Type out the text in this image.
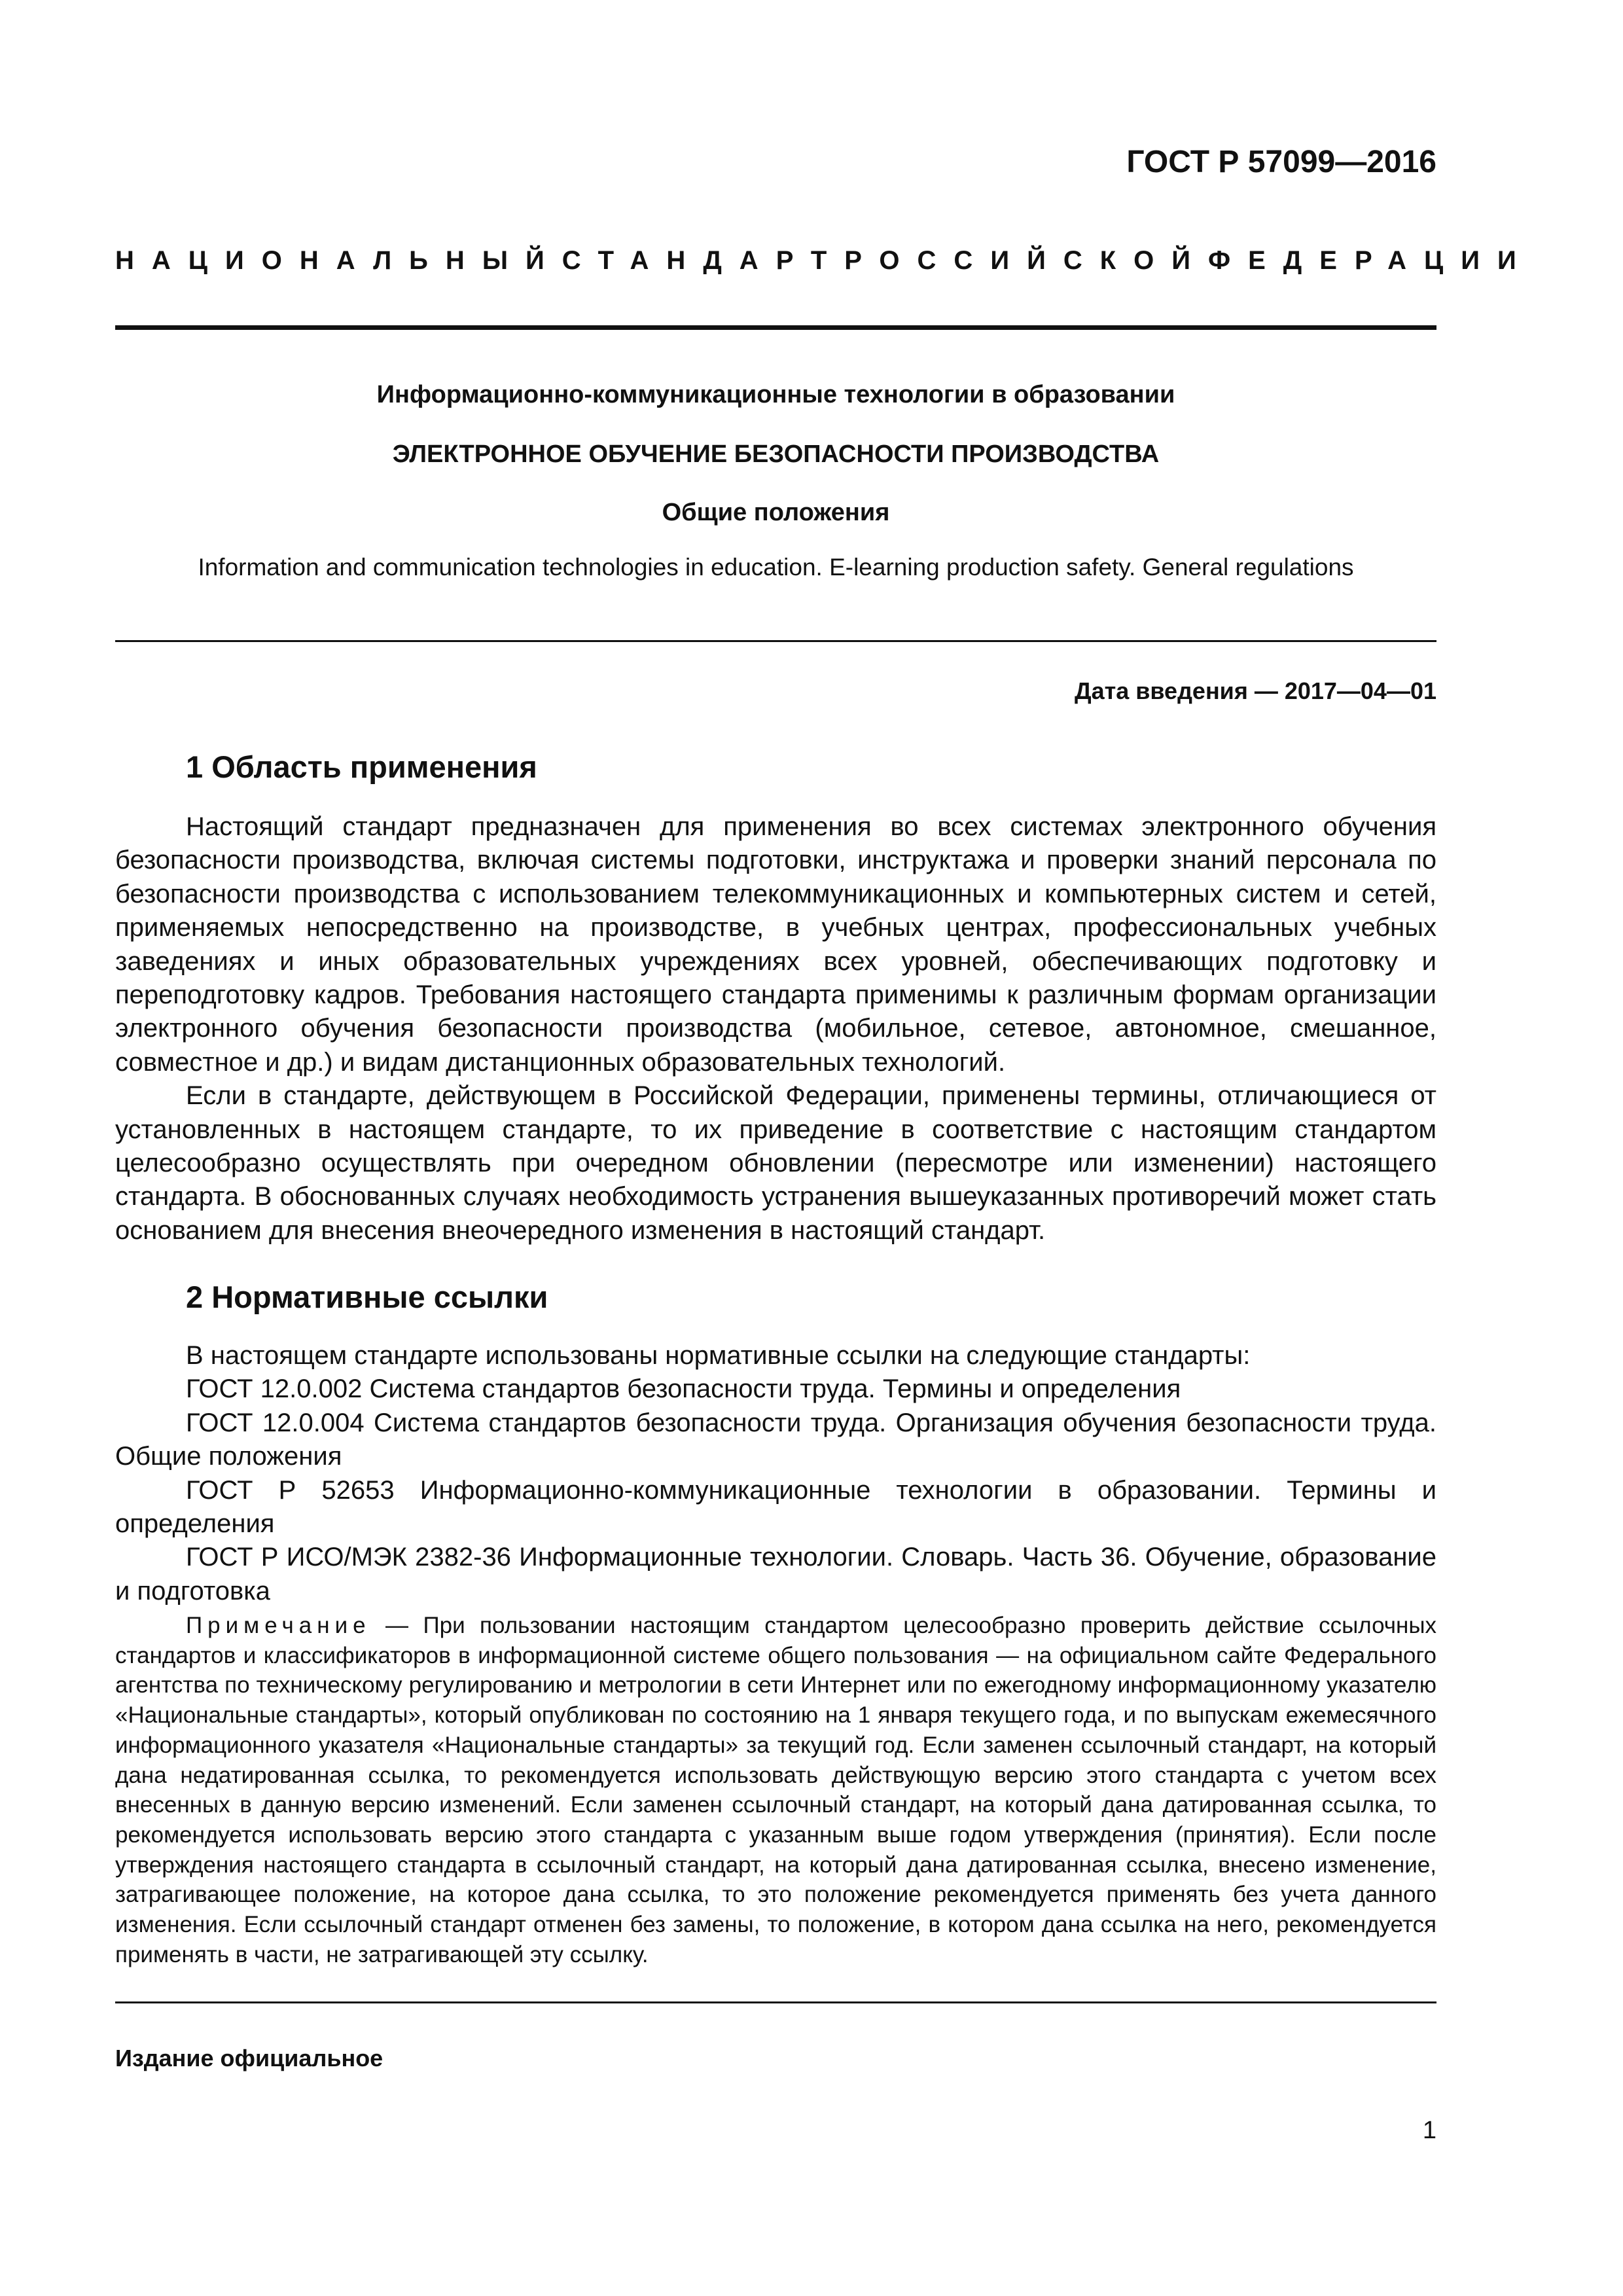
ГОСТ Р 57099—2016
НАЦИОНАЛЬНЫЙ СТАНДАРТ РОССИЙСКОЙ ФЕДЕРАЦИИ
Информационно-коммуникационные технологии в образовании
ЭЛЕКТРОННОЕ ОБУЧЕНИЕ БЕЗОПАСНОСТИ ПРОИЗВОДСТВА
Общие положения
Information and communication technologies in education. E-learning production safety. General regulations
Дата введения — 2017—04—01
1 Область применения

Настоящий стандарт предназначен для применения во всех системах электронного обучения безопасности производства, включая системы подготовки, инструктажа и проверки знаний персонала по безопасности производства с использованием телекоммуникационных и компьютерных систем и сетей, применяемых непосредственно на производстве, в учебных центрах, профессиональных учебных заведениях и иных образовательных учреждениях всех уровней, обеспечивающих подготовку и переподготовку кадров. Требования настоящего стандарта применимы к различным формам организации электронного обучения безопасности производства (мобильное, сетевое, автономное, смешанное, совместное и др.) и видам дистанционных образовательных технологий.

Если в стандарте, действующем в Российской Федерации, применены термины, отличающиеся от установленных в настоящем стандарте, то их приведение в соответствие с настоящим стандартом целесообразно осуществлять при очередном обновлении (пересмотре или изменении) настоящего стандарта. В обоснованных случаях необходимость устранения вышеуказанных противоречий может стать основанием для внесения внеочередного изменения в настоящий стандарт.

2 Нормативные ссылки

В настоящем стандарте использованы нормативные ссылки на следующие стандарты:

ГОСТ 12.0.002 Система стандартов безопасности труда. Термины и определения

ГОСТ 12.0.004 Система стандартов безопасности труда. Организация обучения безопасности труда. Общие положения

ГОСТ Р 52653 Информационно-коммуникационные технологии в образовании. Термины и определения

ГОСТ Р ИСО/МЭК 2382-36 Информационные технологии. Словарь. Часть 36. Обучение, образование и подготовка

Примечание — При пользовании настоящим стандартом целесообразно проверить действие ссылочных стандартов и классификаторов в информационной системе общего пользования — на официальном сайте Федерального агентства по техническому регулированию и метрологии в сети Интернет или по ежегодному информационному указателю «Национальные стандарты», который опубликован по состоянию на 1 января текущего года, и по выпускам ежемесячного информационного указателя «Национальные стандарты» за текущий год. Если заменен ссылочный стандарт, на который дана недатированная ссылка, то рекомендуется использовать действующую версию этого стандарта с учетом всех внесенных в данную версию изменений. Если заменен ссылочный стандарт, на который дана датированная ссылка, то рекомендуется использовать версию этого стандарта с указанным выше годом утверждения (принятия). Если после утверждения настоящего стандарта в ссылочный стандарт, на который дана датированная ссылка, внесено изменение, затрагивающее положение, на которое дана ссылка, то это положение рекомендуется применять без учета данного изменения. Если ссылочный стандарт отменен без замены, то положение, в котором дана ссылка на него, рекомендуется применять в части, не затрагивающей эту ссылку.

Издание официальное
1
